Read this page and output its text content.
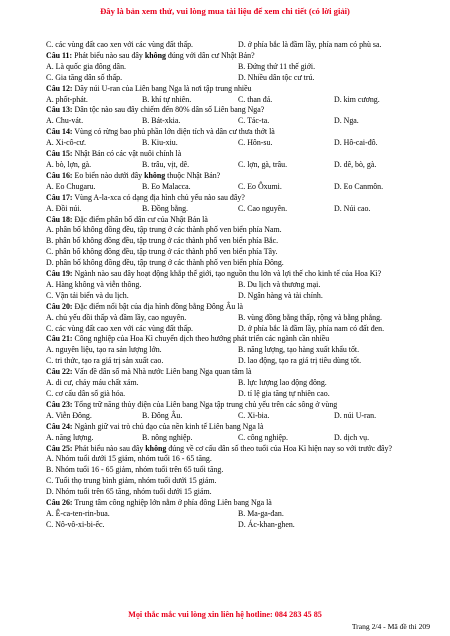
Đây là bản xem thử, vui lòng mua tài liệu để xem chi tiết (có lời giải)
C. các vùng đất cao xen với các vùng đất thấp.	D. ở phía bắc là đầm lầy, phía nam có phù sa.
Câu 11: Phát biểu nào sau đây không đúng với dân cư Nhật Bản?
A. Là quốc gia đông dân.	B. Đứng thứ 11 thế giới.
C. Gia tăng dân số thấp.	D. Nhiều dân tộc cư trú.
Câu 12: Dãy núi U-ran của Liên bang Nga là nơi tập trung nhiều
A. phốt-phát.	B. khí tự nhiên.	C. than đá.	D. kim cương.
Câu 13: Dân tộc nào sau đây chiếm đến 80% dân số Liên bang Nga?
A. Chu-vát.	B. Bát-xkia.	C. Tác-ta.	D. Nga.
Câu 14: Vùng có rừng bao phủ phần lớn diện tích và dân cư thưa thớt là
A. Xi-cô-cư.	B. Kiu-xiu.	C. Hôn-su.	D. Hô-cai-đô.
Câu 15: Nhật Bản có các vật nuôi chính là
A. bò, lợn, gà.	B. trâu, vịt, dê.	C. lợn, gà, trâu.	D. dê, bò, gà.
Câu 16: Eo biển nào dưới đây không thuộc Nhật Bản?
A. Eo Chugaru.	B. Eo Malacca.	C. Eo Ôxumi.	D. Eo Canmôn.
Câu 17: Vùng A-la-xca có dạng địa hình chủ yếu nào sau đây?
A. Đồi núi.	B. Đồng bằng.	C. Cao nguyên.	D. Núi cao.
Câu 18: Đặc điểm phân bố dân cư của Nhật Bản là
A. phân bố không đồng đều, tập trung ở các thành phố ven biển phía Nam.
B. phân bố không đồng đều, tập trung ở các thành phố ven biển phía Bắc.
C. phân bố không đồng đều, tập trung ở các thành phố ven biển phía Tây.
D. phân bố không đồng đều, tập trung ở các thành phố ven biển phía Đông.
Câu 19: Ngành nào sau đây hoạt động khắp thế giới, tạo nguồn thu lớn và lợi thế cho kinh tế của Hoa Kì?
A. Hàng không và viễn thông.	B. Du lịch và thương mại.
C. Vận tải biển và du lịch.	D. Ngân hàng và tài chính.
Câu 20: Đặc điểm nổi bật của địa hình đồng bằng Đông Âu là
A. chủ yếu đồi thấp và đầm lầy, cao nguyên.	B. vùng đồng bằng thấp, rộng và bằng phẳng.
C. các vùng đất cao xen với các vùng đất thấp.	D. ở phía bắc là đầm lầy, phía nam có đất đen.
Câu 21: Công nghiệp của Hoa Kì chuyển dịch theo hướng phát triển các ngành cần nhiều
A. nguyên liệu, tạo ra sản lượng lớn.	B. năng lượng, tạo hàng xuất khẩu tốt.
C. tri thức, tạo ra giá trị sản xuất cao.	D. lao động, tạo ra giá trị tiêu dùng tốt.
Câu 22: Vấn đề dân số mà Nhà nước Liên bang Nga quan tâm là
A. di cư, chảy máu chất xám.	B. lực lượng lao động đông.
C. cơ cấu dân số già hóa.	D. tỉ lệ gia tăng tự nhiên cao.
Câu 23: Tổng trữ năng thủy điện của Liên bang Nga tập trung chủ yếu trên các sông ở vùng
A. Viễn Đông.	B. Đông Âu.	C. Xi-bia.	D. núi U-ran.
Câu 24: Ngành giữ vai trò chủ đạo của nền kinh tế Liên bang Nga là
A. năng lượng.	B. nông nghiệp.	C. công nghiệp.	D. dịch vụ.
Câu 25: Phát biểu nào sau đây không đúng về cơ cấu dân số theo tuổi của Hoa Kì hiện nay so với trước đây?
A. Nhóm tuổi dưới 15 giảm, nhóm tuổi 16 - 65 tăng.
B. Nhóm tuổi 16 - 65 giảm, nhóm tuổi trên 65 tuổi tăng.
C. Tuổi thọ trung bình giảm, nhóm tuổi dưới 15 giảm.
D. Nhóm tuổi trên 65 tăng, nhóm tuổi dưới 15 giảm.
Câu 26: Trung tâm công nghiệp lớn nằm ở phía đông Liên bang Nga là
A. Ê-ca-ten-rin-bua.	B. Ma-ga-đan.
C. Nô-vô-xi-bi-ếc.	D. Ác-khan-ghen.
Mọi thắc mắc vui lòng xin liên hệ hotline: 084 283 45 85
Trang 2/4 - Mã đề thi 209
